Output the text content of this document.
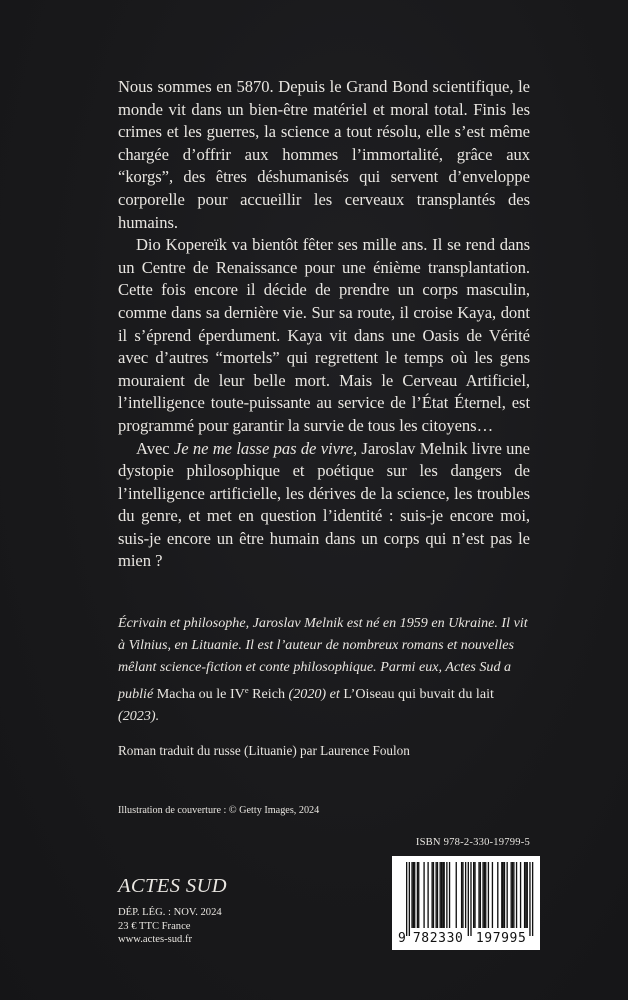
Nous sommes en 5870. Depuis le Grand Bond scientifique, le monde vit dans un bien-être matériel et moral total. Finis les crimes et les guerres, la science a tout résolu, elle s’est même chargée d’offrir aux hommes l’immortalité, grâce aux “korgs”, des êtres déshumanisés qui servent d’enveloppe corporelle pour accueillir les cerveaux transplantés des humains.

Dio Kopereïk va bientôt fêter ses mille ans. Il se rend dans un Centre de Renaissance pour une énième transplantation. Cette fois encore il décide de prendre un corps masculin, comme dans sa dernière vie. Sur sa route, il croise Kaya, dont il s’éprend éperdument. Kaya vit dans une Oasis de Vérité avec d’autres “mortels” qui regrettent le temps où les gens mouraient de leur belle mort. Mais le Cerveau Artificiel, l’intelligence toute-puissante au service de l’État Éternel, est programmé pour garantir la survie de tous les citoyens…

Avec Je ne me lasse pas de vivre, Jaroslav Melnik livre une dystopie philosophique et poétique sur les dangers de l’intelligence artificielle, les dérives de la science, les troubles du genre, et met en question l’identité : suis-je encore moi, suis-je encore un être humain dans un corps qui n’est pas le mien ?

Écrivain et philosophe, Jaroslav Melnik est né en 1959 en Ukraine. Il vit à Vilnius, en Lituanie. Il est l’auteur de nombreux romans et nouvelles mêlant science-fiction et conte philosophique. Parmi eux, Actes Sud a publié Macha ou le IVe Reich (2020) et L’Oiseau qui buvait du lait (2023).
Roman traduit du russe (Lituanie) par Laurence Foulon
Illustration de couverture : © Getty Images, 2024
ISBN 978-2-330-19799-5
9 782330 197995
ACTES SUD
DÉP. LÉG. : NOV. 2024
23 € TTC France
www.actes-sud.fr
